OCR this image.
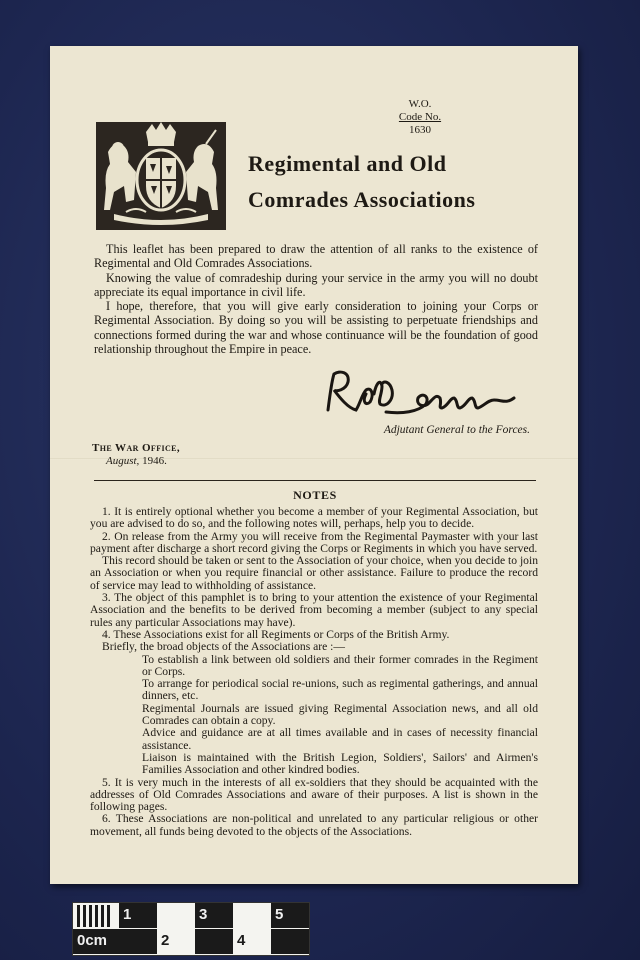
W.O.
Code No.
1630
Regimental and Old
Comrades Associations

This leaflet has been prepared to draw the attention of all ranks to the existence of Regimental and Old Comrades Associations.

Knowing the value of comradeship during your service in the army you will no doubt appreciate its equal importance in civil life.

I hope, therefore, that you will give early consideration to joining your Corps or Regimental Association. By doing so you will be assisting to perpetuate friendships and connections formed during the war and whose continuance will be the foundation of good relationship throughout the Empire in peace.

Adjutant General to the Forces.
The War Office,
August, 1946.
NOTES

1. It is entirely optional whether you become a member of your Regimental Association, but you are advised to do so, and the following notes will, perhaps, help you to decide.

2. On release from the Army you will receive from the Regimental Paymaster with your last payment after discharge a short record giving the Corps or Regiments in which you have served.

This record should be taken or sent to the Association of your choice, when you decide to join an Association or when you require financial or other assistance. Failure to produce the record of service may lead to withholding of assistance.

3. The object of this pamphlet is to bring to your attention the existence of your Regimental Association and the benefits to be derived from becoming a member (subject to any special rules any particular Associations may have).

4. These Associations exist for all Regiments or Corps of the British Army.

Briefly, the broad objects of the Associations are :—

To establish a link between old soldiers and their former comrades in the Regiment or Corps.

To arrange for periodical social re-unions, such as regimental gatherings, and annual dinners, etc.

Regimental Journals are issued giving Regimental Association news, and all old Comrades can obtain a copy.

Advice and guidance are at all times available and in cases of necessity financial assistance.

Liaison is maintained with the British Legion, Soldiers', Sailors' and Airmen's Families Association and other kindred bodies.

5. It is very much in the interests of all ex-soldiers that they should be acquainted with the addresses of Old Comrades Associations and aware of their purposes. A list is shown in the following pages.

6. These Associations are non-political and unrelated to any particular religious or other movement, all funds being devoted to the objects of the Associations.

1	3	5
0cm	2	4
